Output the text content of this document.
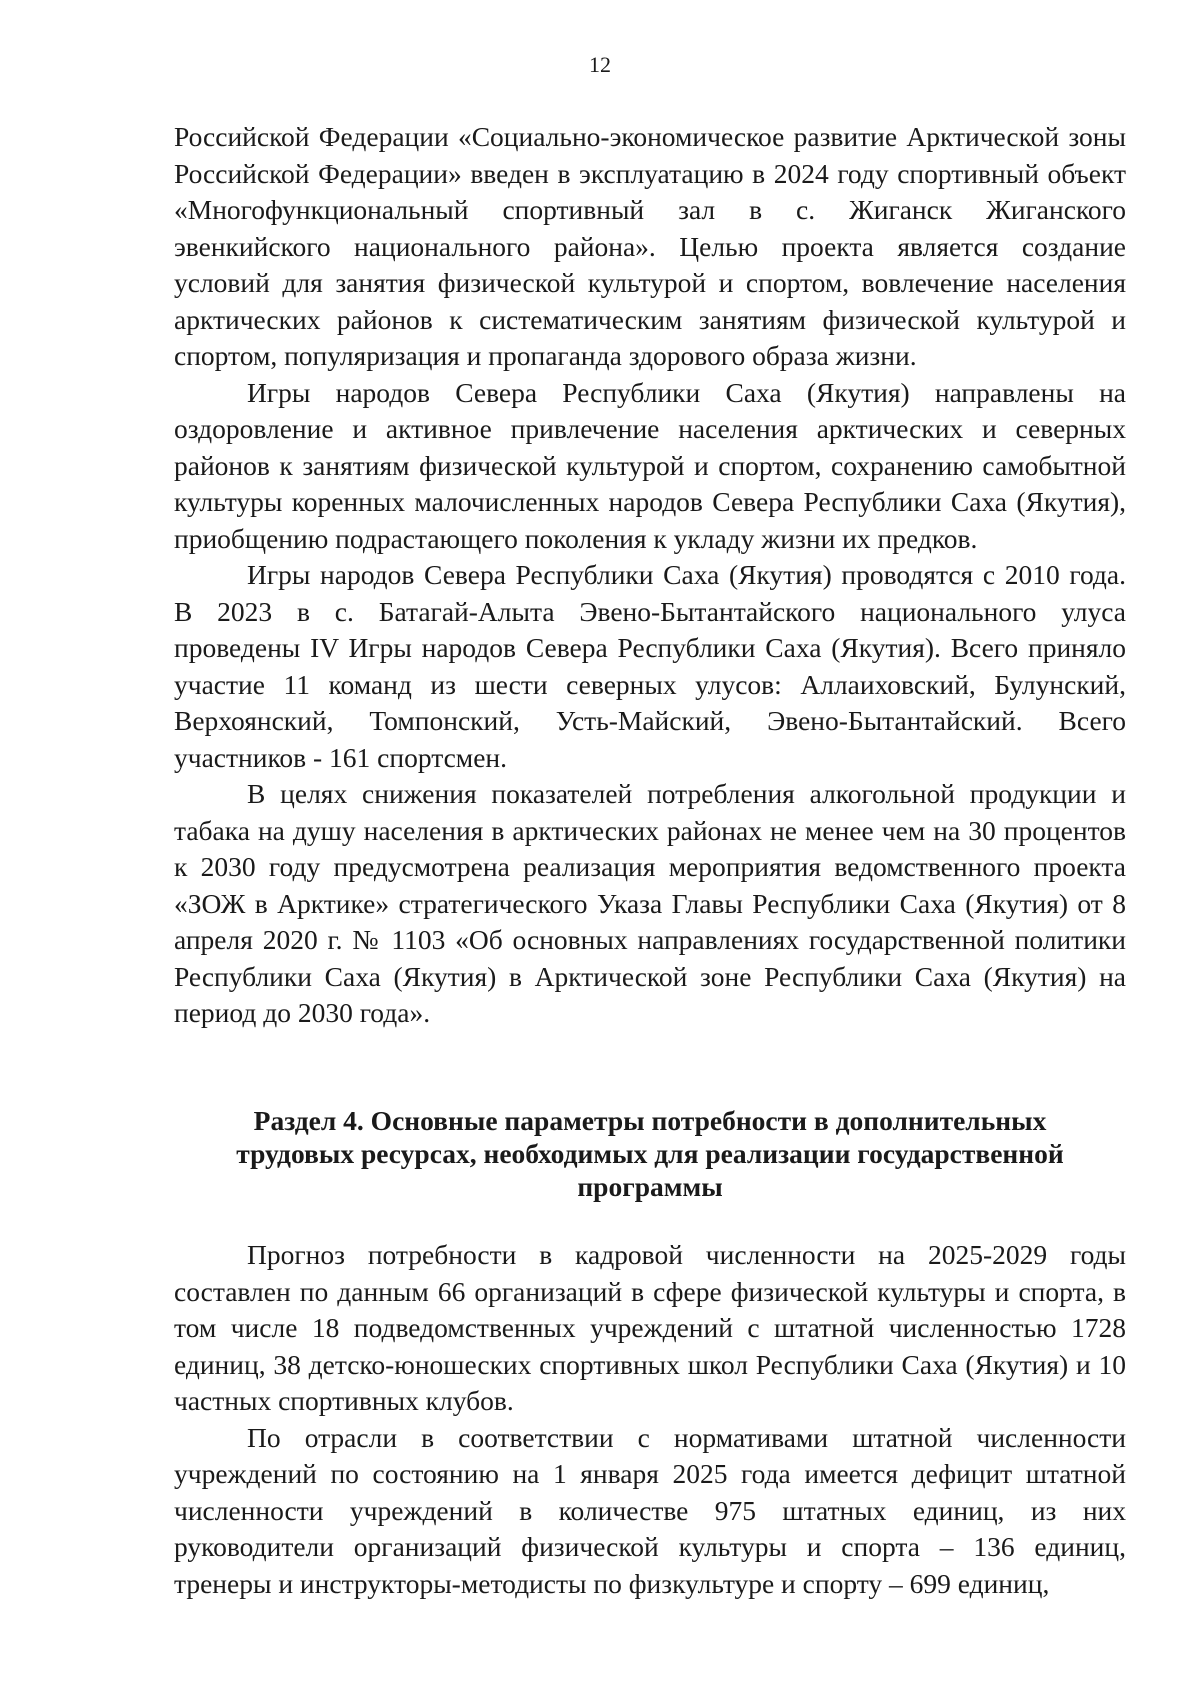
12

Российской Федерации «Социально-экономическое развитие Арктической зоны Российской Федерации» введен в эксплуатацию в 2024 году спортивный объект «Многофункциональный спортивный зал в с. Жиганск Жиганского эвенкийского национального района». Целью проекта является создание условий для занятия физической культурой и спортом, вовлечение населения арктических районов к систематическим занятиям физической культурой и спортом, популяризация и пропаганда здорового образа жизни.

Игры народов Севера Республики Саха (Якутия) направлены на оздоровление и активное привлечение населения арктических и северных районов к занятиям физической культурой и спортом, сохранению самобытной культуры коренных малочисленных народов Севера Республики Саха (Якутия), приобщению подрастающего поколения к укладу жизни их предков.

Игры народов Севера Республики Саха (Якутия) проводятся с 2010 года. В 2023 в с. Батагай-Алыта Эвено-Бытантайского национального улуса проведены IV Игры народов Севера Республики Саха (Якутия). Всего приняло участие 11 команд из шести северных улусов: Аллаиховский, Булунский, Верхоянский, Томпонский, Усть-Майский, Эвено-Бытантайский. Всего участников - 161 спортсмен.

В целях снижения показателей потребления алкогольной продукции и табака на душу населения в арктических районах не менее чем на 30 процентов к 2030 году предусмотрена реализация мероприятия ведомственного проекта «ЗОЖ в Арктике» стратегического Указа Главы Республики Саха (Якутия) от 8 апреля 2020 г. № 1103 «Об основных направлениях государственной политики Республики Саха (Якутия) в Арктической зоне Республики Саха (Якутия) на период до 2030 года».

Раздел 4. Основные параметры потребности в дополнительных
трудовых ресурсах, необходимых для реализации государственной
программы

Прогноз потребности в кадровой численности на 2025-2029 годы составлен по данным 66 организаций в сфере физической культуры и спорта, в том числе 18 подведомственных учреждений с штатной численностью 1728 единиц, 38 детско-юношеских спортивных школ Республики Саха (Якутия) и 10 частных спортивных клубов.

По отрасли в соответствии с нормативами штатной численности учреждений по состоянию на 1 января 2025 года имеется дефицит штатной численности учреждений в количестве 975 штатных единиц, из них руководители организаций физической культуры и спорта – 136 единиц, тренеры и инструкторы-методисты по физкультуре и спорту – 699 единиц,
